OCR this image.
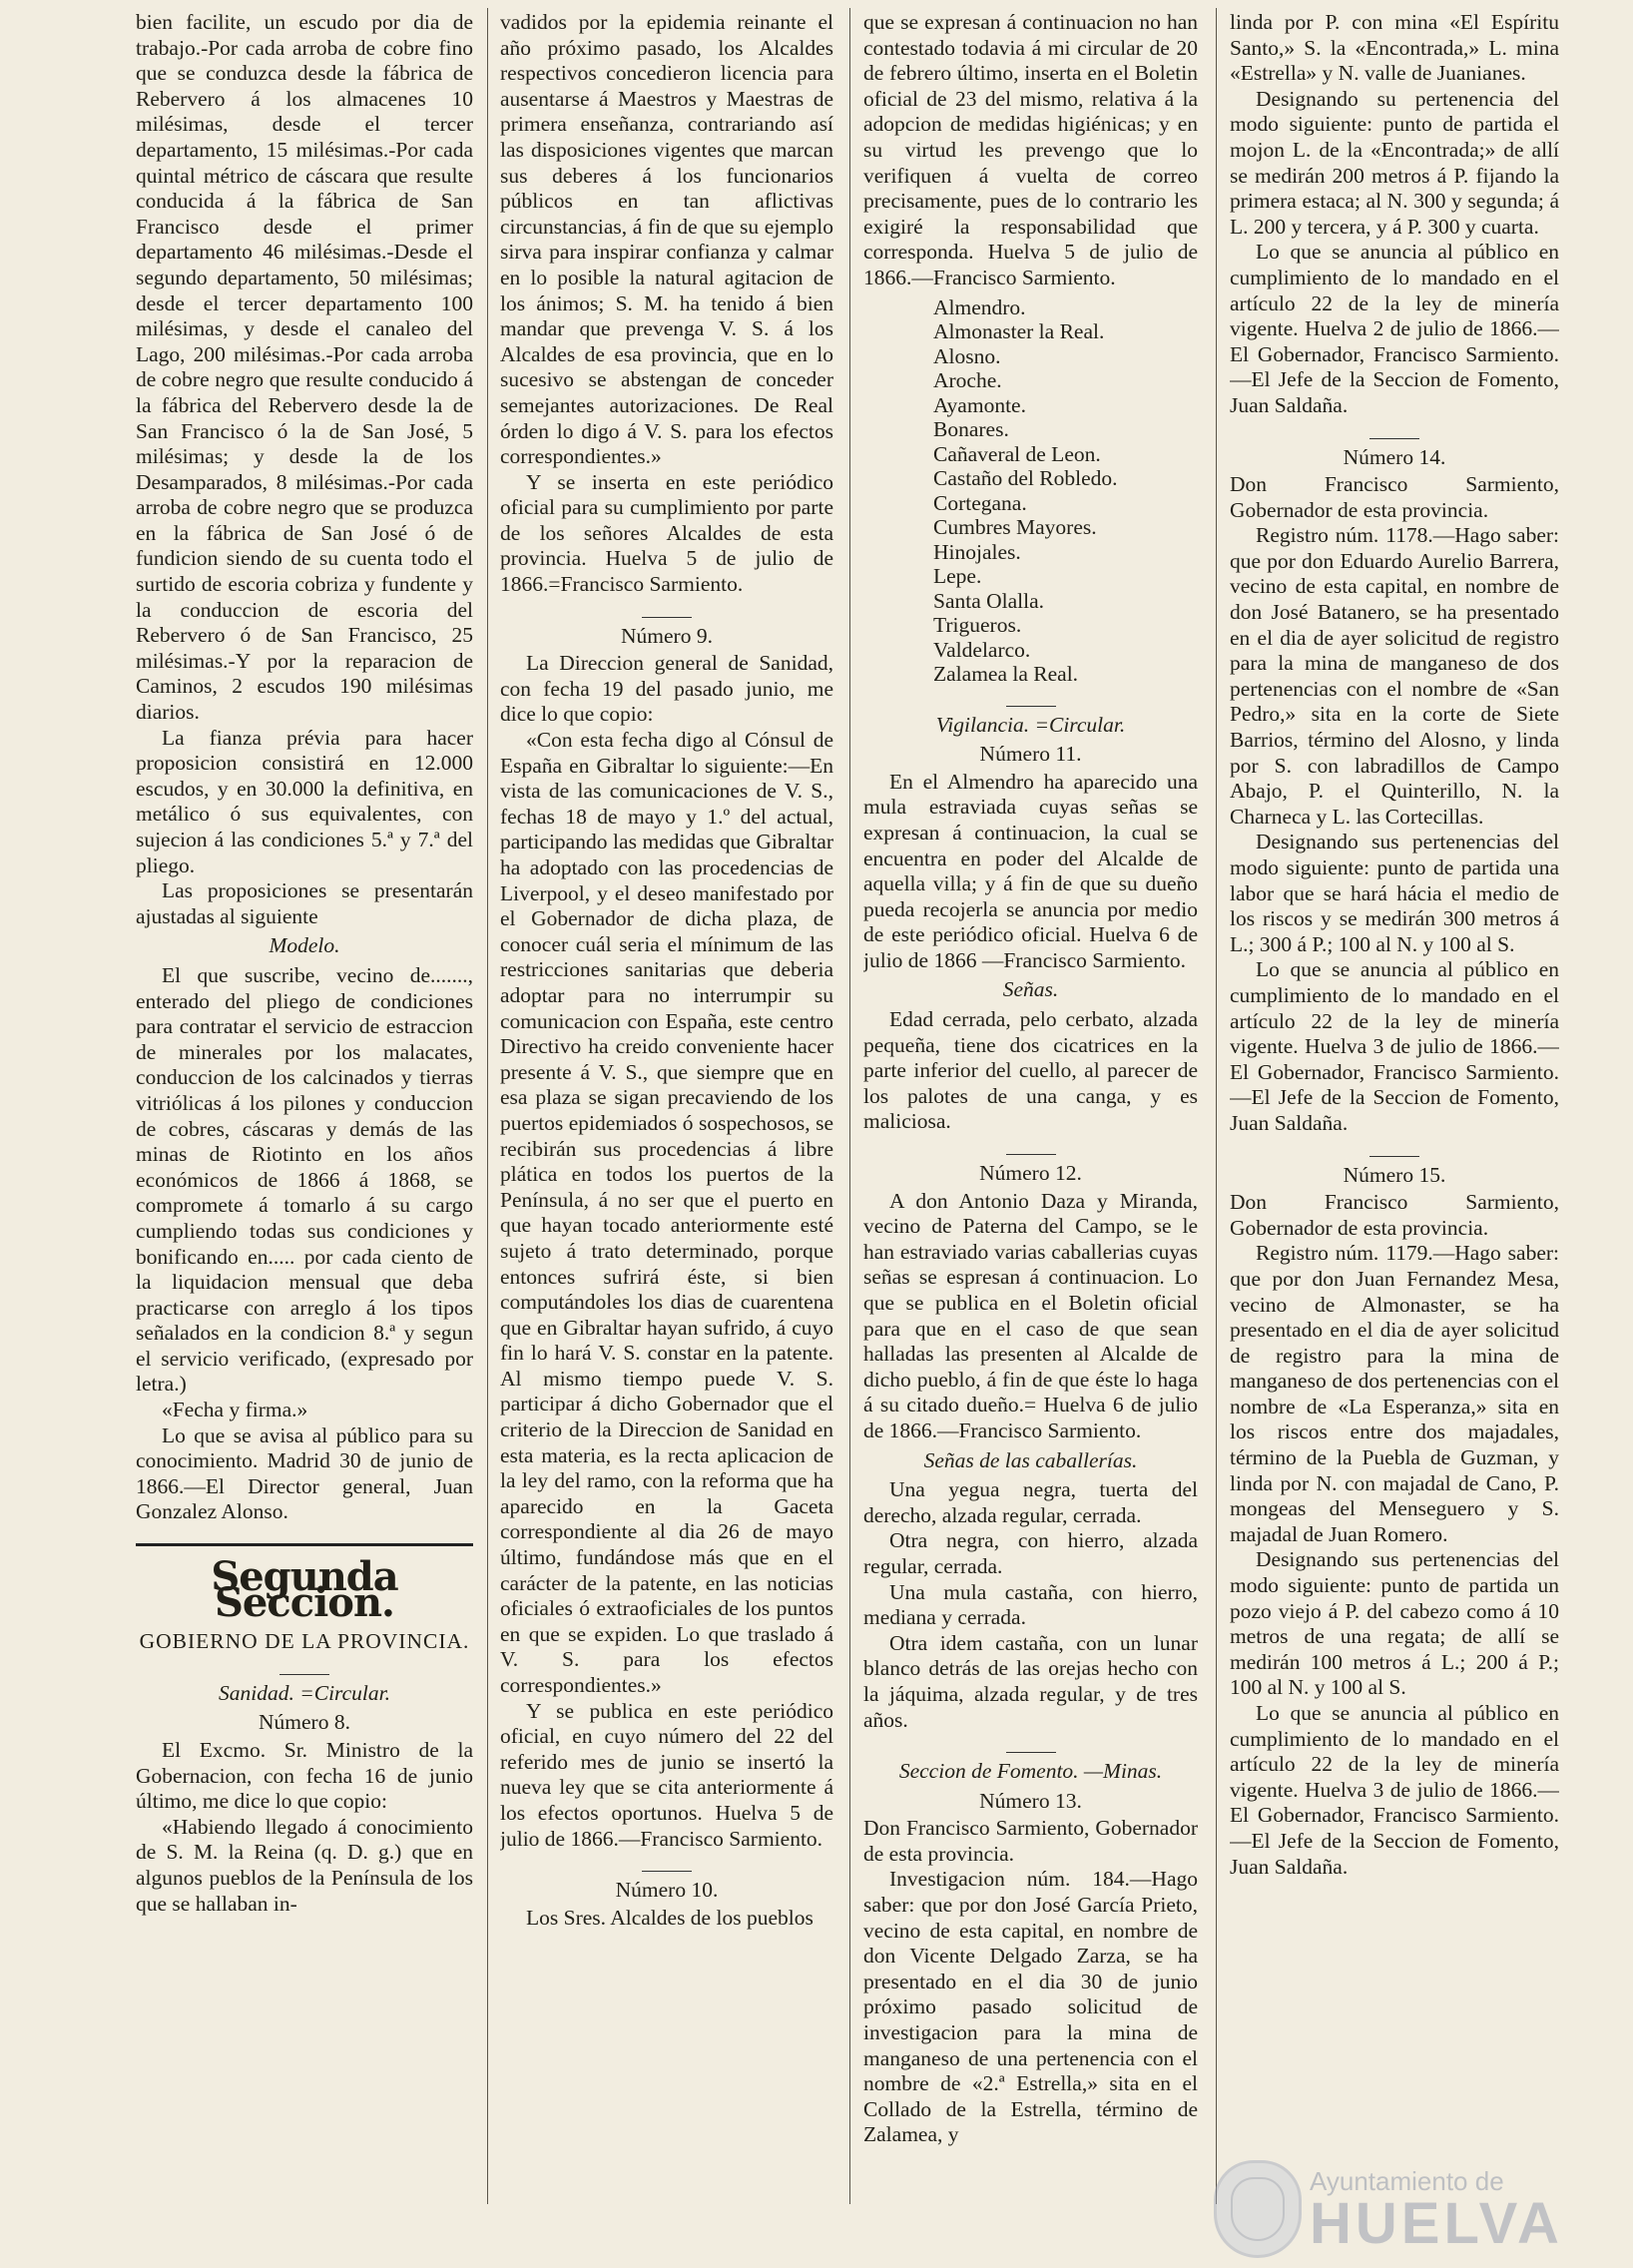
bien facilite, un escudo por dia de trabajo.-Por cada arroba de cobre fino que se conduzca desde la fábrica de Rebervero á los almacenes 10 milésimas, desde el tercer departamento, 15 milésimas.-Por cada quintal métrico de cáscara que resulte conducida á la fábrica de San Francisco desde el primer departamento 46 milésimas.-Desde el segundo departamento, 50 milésimas; desde el tercer departamento 100 milésimas, y desde el canaleo del Lago, 200 milésimas.-Por cada arroba de cobre negro que resulte conducido á la fábrica del Rebervero desde la de San Francisco ó la de San José, 5 milésimas; y desde la de los Desamparados, 8 milésimas.-Por cada arroba de cobre negro que se produzca en la fábrica de San José ó de fundicion siendo de su cuenta todo el surtido de escoria cobriza y fundente y la conduccion de escoria del Rebervero ó de San Francisco, 25 milésimas.-Y por la reparacion de Caminos, 2 escudos 190 milésimas diarios.

La fianza prévia para hacer proposicion consistirá en 12.000 escudos, y en 30.000 la definitiva, en metálico ó sus equivalentes, con sujecion á las condiciones 5.ª y 7.ª del pliego.

Las proposiciones se presentarán ajustadas al siguiente

Modelo.

El que suscribe, vecino de......., enterado del pliego de condiciones para contratar el servicio de estraccion de minerales por los malacates, conduccion de los calcinados y tierras vitriólicas á los pilones y conduccion de cobres, cáscaras y demás de las minas de Riotinto en los años económicos de 1866 á 1868, se compromete á tomarlo á su cargo cumpliendo todas sus condiciones y bonificando en..... por cada ciento de la liquidacion mensual que deba practicarse con arreglo á los tipos señalados en la condicion 8.ª y segun el servicio verificado, (expresado por letra.)

«Fecha y firma.»

Lo que se avisa al público para su conocimiento. Madrid 30 de junio de 1866.—El Director general, Juan Gonzalez Alonso.

Segunda Seccion.
GOBIERNO DE LA PROVINCIA.
Sanidad. =Circular.
Número 8.

El Excmo. Sr. Ministro de la Gobernacion, con fecha 16 de junio último, me dice lo que copio:

«Habiendo llegado á conocimiento de S. M. la Reina (q. D. g.) que en algunos pueblos de la Península de los que se hallaban in-

vadidos por la epidemia reinante el año próximo pasado, los Alcaldes respectivos concedieron licencia para ausentarse á Maestros y Maestras de primera enseñanza, contrariando así las disposiciones vigentes que marcan sus deberes á los funcionarios públicos en tan aflictivas circunstancias, á fin de que su ejemplo sirva para inspirar confianza y calmar en lo posible la natural agitacion de los ánimos; S. M. ha tenido á bien mandar que prevenga V. S. á los Alcaldes de esa provincia, que en lo sucesivo se abstengan de conceder semejantes autorizaciones. De Real órden lo digo á V. S. para los efectos correspondientes.»

Y se inserta en este periódico oficial para su cumplimiento por parte de los señores Alcaldes de esta provincia. Huelva 5 de julio de 1866.=Francisco Sarmiento.

Número 9.

La Direccion general de Sanidad, con fecha 19 del pasado junio, me dice lo que copio:

«Con esta fecha digo al Cónsul de España en Gibraltar lo siguiente:—En vista de las comunicaciones de V. S., fechas 18 de mayo y 1.º del actual, participando las medidas que Gibraltar ha adoptado con las procedencias de Liverpool, y el deseo manifestado por el Gobernador de dicha plaza, de conocer cuál seria el mínimum de las restricciones sanitarias que deberia adoptar para no interrumpir su comunicacion con España, este centro Directivo ha creido conveniente hacer presente á V. S., que siempre que en esa plaza se sigan precaviendo de los puertos epidemiados ó sospechosos, se recibirán sus procedencias á libre plática en todos los puertos de la Península, á no ser que el puerto en que hayan tocado anteriormente esté sujeto á trato determinado, porque entonces sufrirá éste, si bien computándoles los dias de cuarentena que en Gibraltar hayan sufrido, á cuyo fin lo hará V. S. constar en la patente. Al mismo tiempo puede V. S. participar á dicho Gobernador que el criterio de la Direccion de Sanidad en esta materia, es la recta aplicacion de la ley del ramo, con la reforma que ha aparecido en la Gaceta correspondiente al dia 26 de mayo último, fundándose más que en el carácter de la patente, en las noticias oficiales ó extraoficiales de los puntos en que se expiden. Lo que traslado á V. S. para los efectos correspondientes.»

Y se publica en este periódico oficial, en cuyo número del 22 del referido mes de junio se insertó la nueva ley que se cita anteriormente á los efectos oportunos. Huelva 5 de julio de 1866.—Francisco Sarmiento.

Número 10.

Los Sres. Alcaldes de los pueblos

que se expresan á continuacion no han contestado todavia á mi circular de 20 de febrero último, inserta en el Boletin oficial de 23 del mismo, relativa á la adopcion de medidas higiénicas; y en su virtud les prevengo que lo verifiquen á vuelta de correo precisamente, pues de lo contrario les exigiré la responsabilidad que corresponda. Huelva 5 de julio de 1866.—Francisco Sarmiento.

Almendro.
Almonaster la Real.
Alosno.
Aroche.
Ayamonte.
Bonares.
Cañaveral de Leon.
Castaño del Robledo.
Cortegana.
Cumbres Mayores.
Hinojales.
Lepe.
Santa Olalla.
Trigueros.
Valdelarco.
Zalamea la Real.
Vigilancia. =Circular.
Número 11.

En el Almendro ha aparecido una mula estraviada cuyas señas se expresan á continuacion, la cual se encuentra en poder del Alcalde de aquella villa; y á fin de que su dueño pueda recojerla se anuncia por medio de este periódico oficial. Huelva 6 de julio de 1866 —Francisco Sarmiento.

Señas.

Edad cerrada, pelo cerbato, alzada pequeña, tiene dos cicatrices en la parte inferior del cuello, al parecer de los palotes de una canga, y es maliciosa.

Número 12.

A don Antonio Daza y Miranda, vecino de Paterna del Campo, se le han estraviado varias caballerias cuyas señas se espresan á continuacion. Lo que se publica en el Boletin oficial para que en el caso de que sean halladas las presenten al Alcalde de dicho pueblo, á fin de que éste lo haga á su citado dueño.= Huelva 6 de julio de 1866.—Francisco Sarmiento.

Señas de las caballerías.

Una yegua negra, tuerta del derecho, alzada regular, cerrada.

Otra negra, con hierro, alzada regular, cerrada.

Una mula castaña, con hierro, mediana y cerrada.

Otra idem castaña, con un lunar blanco detrás de las orejas hecho con la jáquima, alzada regular, y de tres años.

Seccion de Fomento. —Minas.
Número 13.

Don Francisco Sarmiento, Gobernador de esta provincia.

Investigacion núm. 184.—Hago saber: que por don José García Prieto, vecino de esta capital, en nombre de don Vicente Delgado Zarza, se ha presentado en el dia 30 de junio próximo pasado solicitud de investigacion para la mina de manganeso de una pertenencia con el nombre de «2.ª Estrella,» sita en el Collado de la Estrella, término de Zalamea, y

linda por P. con mina «El Espíritu Santo,» S. la «Encontrada,» L. mina «Estrella» y N. valle de Juanianes.

Designando su pertenencia del modo siguiente: punto de partida el mojon L. de la «Encontrada;» de allí se medirán 200 metros á P. fijando la primera estaca; al N. 300 y segunda; á L. 200 y tercera, y á P. 300 y cuarta.

Lo que se anuncia al público en cumplimiento de lo mandado en el artículo 22 de la ley de minería vigente. Huelva 2 de julio de 1866.—El Gobernador, Francisco Sarmiento.—El Jefe de la Seccion de Fomento, Juan Saldaña.

Número 14.

Don Francisco Sarmiento, Gobernador de esta provincia.

Registro núm. 1178.—Hago saber: que por don Eduardo Aurelio Barrera, vecino de esta capital, en nombre de don José Batanero, se ha presentado en el dia de ayer solicitud de registro para la mina de manganeso de dos pertenencias con el nombre de «San Pedro,» sita en la corte de Siete Barrios, término del Alosno, y linda por S. con labradillos de Campo Abajo, P. el Quinterillo, N. la Charneca y L. las Cortecillas.

Designando sus pertenencias del modo siguiente: punto de partida una labor que se hará hácia el medio de los riscos y se medirán 300 metros á L.; 300 á P.; 100 al N. y 100 al S.

Lo que se anuncia al público en cumplimiento de lo mandado en el artículo 22 de la ley de minería vigente. Huelva 3 de julio de 1866.—El Gobernador, Francisco Sarmiento.—El Jefe de la Seccion de Fomento, Juan Saldaña.

Número 15.

Don Francisco Sarmiento, Gobernador de esta provincia.

Registro núm. 1179.—Hago saber: que por don Juan Fernandez Mesa, vecino de Almonaster, se ha presentado en el dia de ayer solicitud de registro para la mina de manganeso de dos pertenencias con el nombre de «La Esperanza,» sita en los riscos entre dos majadales, término de la Puebla de Guzman, y linda por N. con majadal de Cano, P. mongeas del Menseguero y S. majadal de Juan Romero.

Designando sus pertenencias del modo siguiente: punto de partida un pozo viejo á P. del cabezo como á 10 metros de una regata; de allí se medirán 100 metros á L.; 200 á P.; 100 al N. y 100 al S.

Lo que se anuncia al público en cumplimiento de lo mandado en el artículo 22 de la ley de minería vigente. Huelva 3 de julio de 1866.—El Gobernador, Francisco Sarmiento.—El Jefe de la Seccion de Fomento, Juan Saldaña.

Ayuntamiento de
HUELVA
